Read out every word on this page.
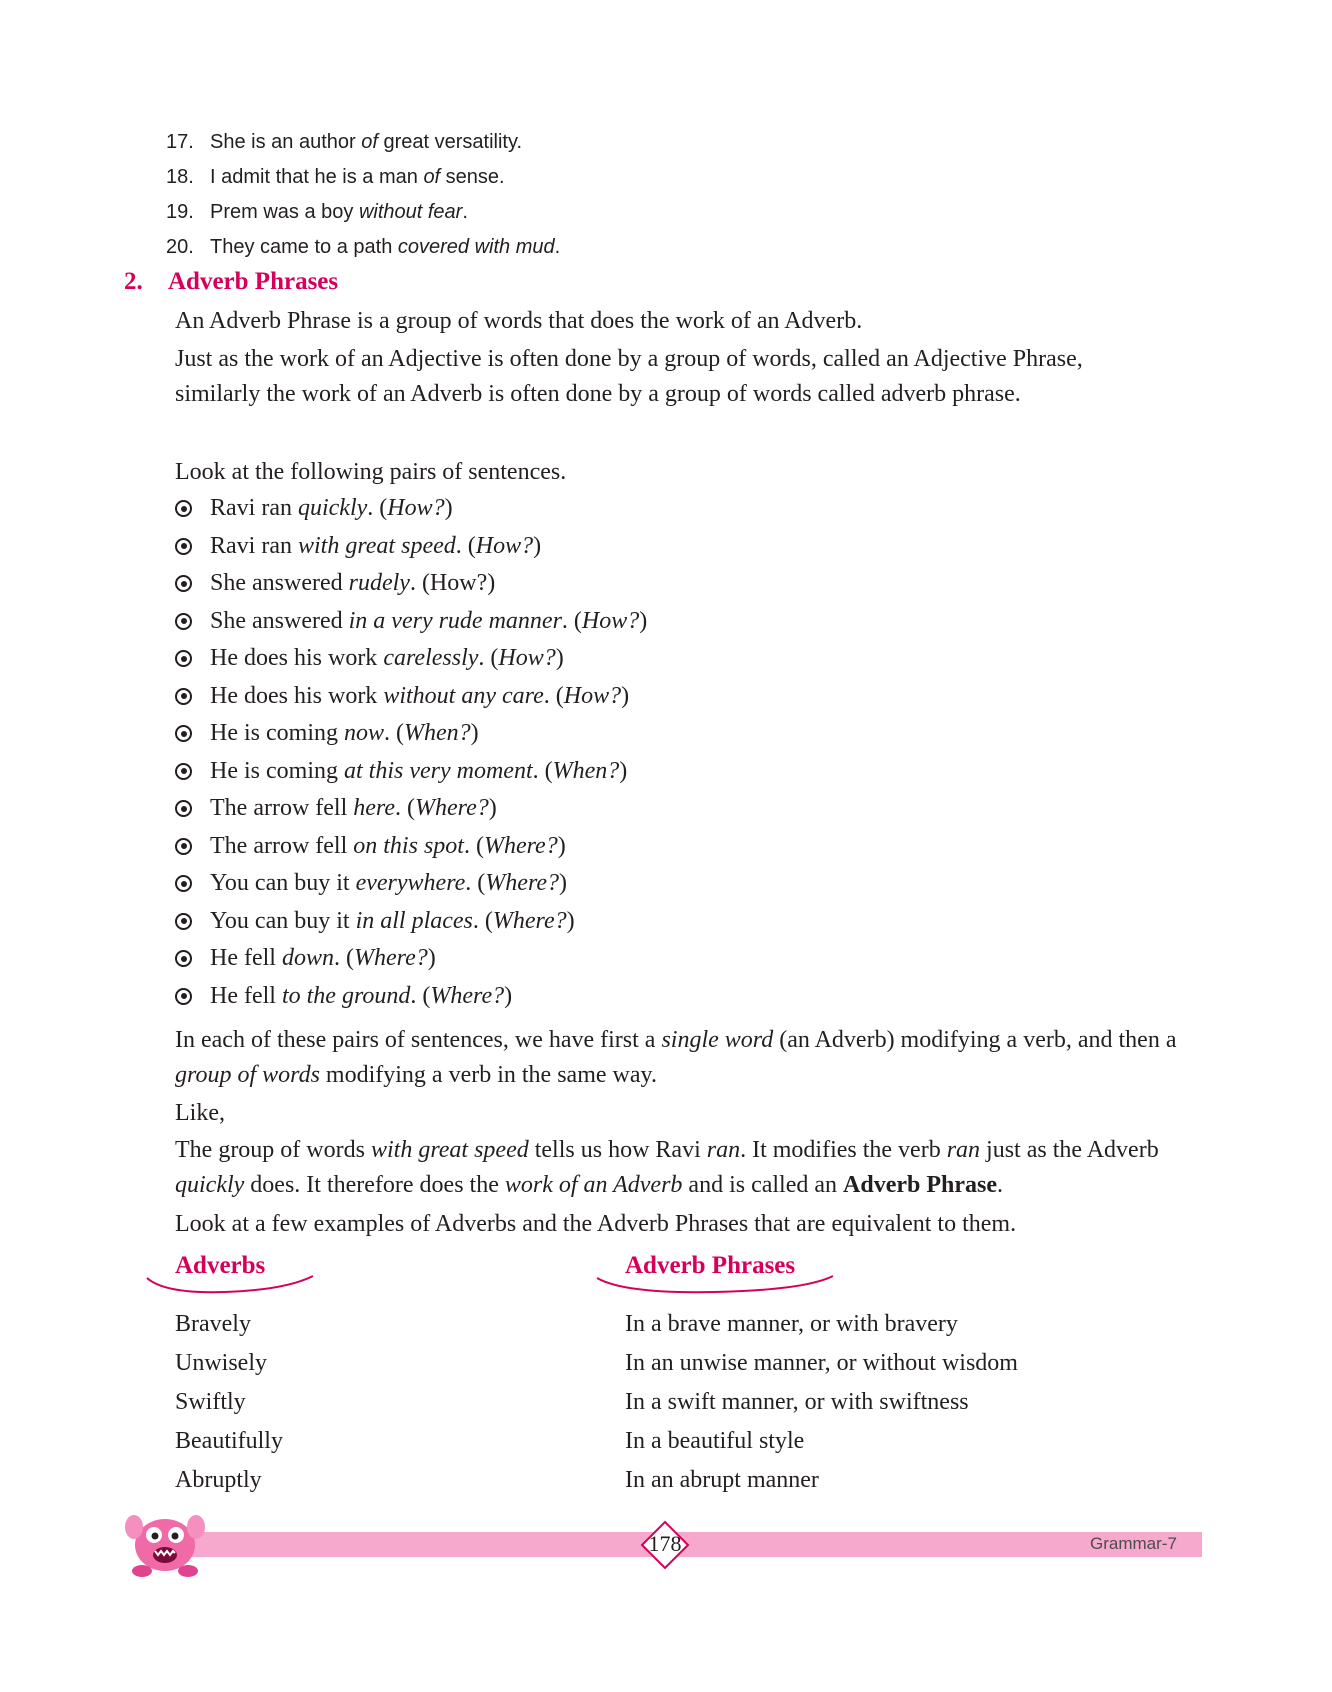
17. She is an author of great versatility.
18. I admit that he is a man of sense.
19. Prem was a boy without fear .
20. They came to a path covered with mud .
2. Adverb Phrases

An Adverb Phrase is a group of words that does the work of an Adverb.

Just as the work of an Adjective is often done by a group of words, called an Adjective Phrase, similarly the work of an Adverb is often done by a group of words called adverb phrase.

Look at the following pairs of sentences.

Ravi ran quickly . ( How? )
Ravi ran with great speed . ( How? )
She answered rudely . (How?)
She answered in a very rude manner . ( How? )
He does his work carelessly . ( How? )
He does his work without any care . ( How? )
He is coming now . ( When? )
He is coming at this very moment . ( When? )
The arrow fell here . ( Where? )
The arrow fell on this spot . ( Where? )
You can buy it everywhere . ( Where? )
You can buy it in all places . ( Where? )
He fell down . ( Where? )
He fell to the ground . ( Where? )

In each of these pairs of sentences, we have first a single word (an Adverb) modifying a verb, and then a group of words modifying a verb in the same way.

Like,

The group of words with great speed tells us how Ravi ran. It modifies the verb ran just as the Adverb quickly does. It therefore does the work of an Adverb and is called an Adverb Phrase.

Look at a few examples of Adverbs and the Adverb Phrases that are equivalent to them.

Adverbs	Adverb Phrases
Bravely
Unwisely
Swiftly
Beautifully
Abruptly
In a brave manner, or with bravery
In an unwise manner, or without wisdom
In a swift manner, or with swiftness
In a beautiful style
In an abrupt manner
178	Grammar-7
